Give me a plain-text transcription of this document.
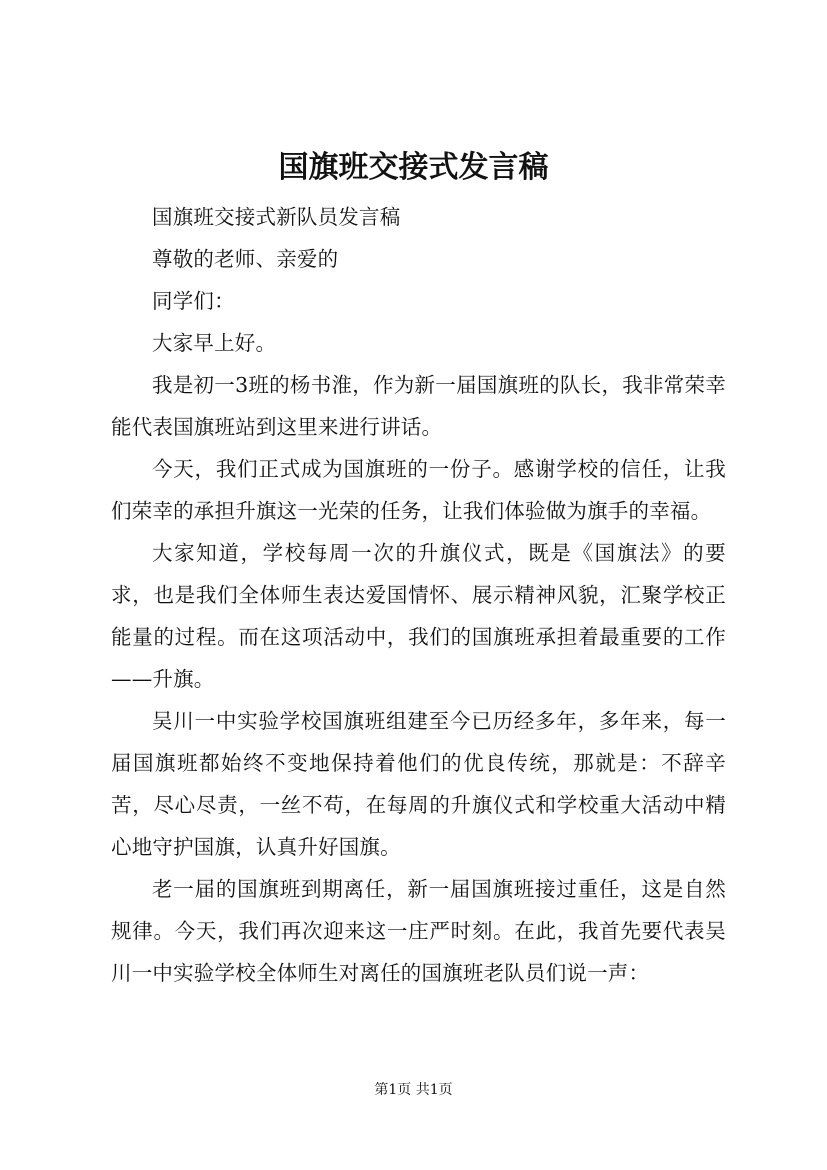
国旗班交接式发言稿

国旗班交接式新队员发言稿

尊敬的老师、亲爱的

同学们：

大家早上好。

我是初一3班的杨书淮，作为新一届国旗班的队长，我非常荣幸能代表国旗班站到这里来进行讲话。

今天，我们正式成为国旗班的一份子。感谢学校的信任，让我们荣幸的承担升旗这一光荣的任务，让我们体验做为旗手的幸福。

大家知道，学校每周一次的升旗仪式，既是《国旗法》的要求，也是我们全体师生表达爱国情怀、展示精神风貌，汇聚学校正能量的过程。而在这项活动中，我们的国旗班承担着最重要的工作——升旗。

吴川一中实验学校国旗班组建至今已历经多年，多年来，每一届国旗班都始终不变地保持着他们的优良传统，那就是：不辞辛苦，尽心尽责，一丝不苟，在每周的升旗仪式和学校重大活动中精心地守护国旗，认真升好国旗。

老一届的国旗班到期离任，新一届国旗班接过重任，这是自然规律。今天，我们再次迎来这一庄严时刻。在此，我首先要代表吴川一中实验学校全体师生对离任的国旗班老队员们说一声：

第1页 共1页
